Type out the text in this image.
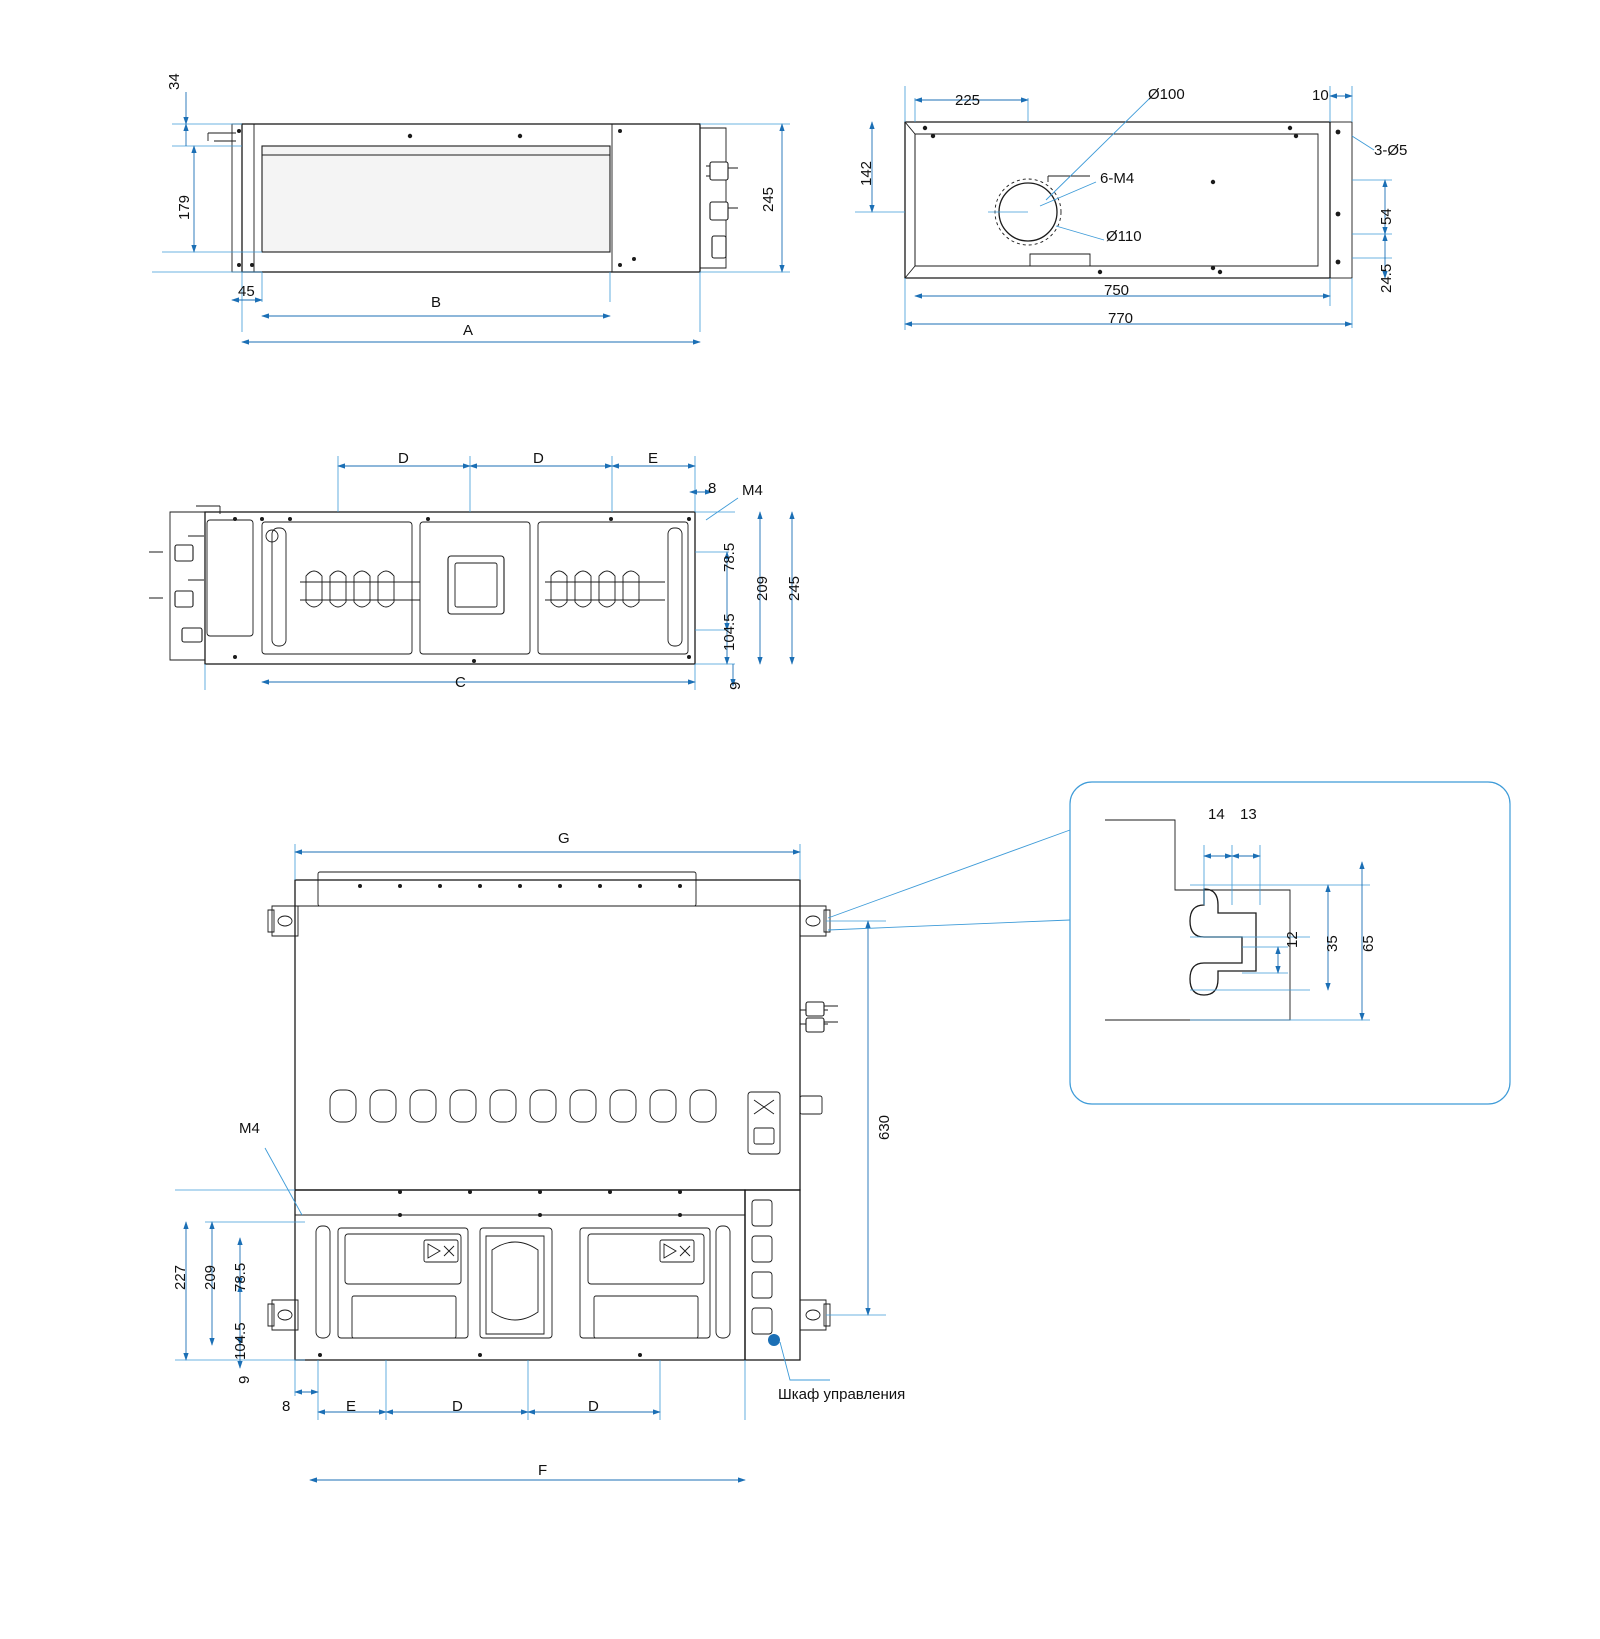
34
179	245
45
B
A
225
142
10
54
24.5
750
770
Ø100
6-M4
Ø110
3-Ø5
D	D	E
8
78.5
104.5
209 245
9
C
M4
G
630
227 209 78.5
104.5
9
8	E	D	D
F
M4
Шкаф управления
14 13
12 35 65
